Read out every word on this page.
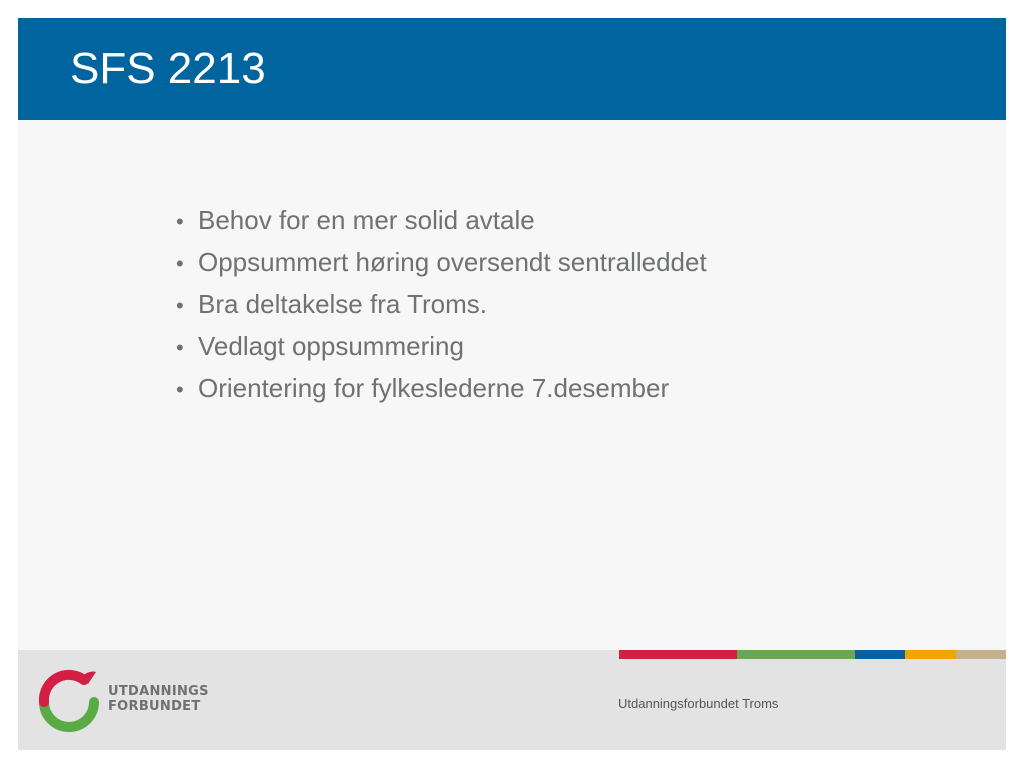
SFS 2213
• Behov for en mer solid avtale
• Oppsummert høring oversendt sentralleddet
• Bra deltakelse fra Troms.
• Vedlagt oppsummering
• Orientering for fylkeslederne 7.desember
UTDANNINGS
FORBUNDET	Utdanningsforbundet Troms
